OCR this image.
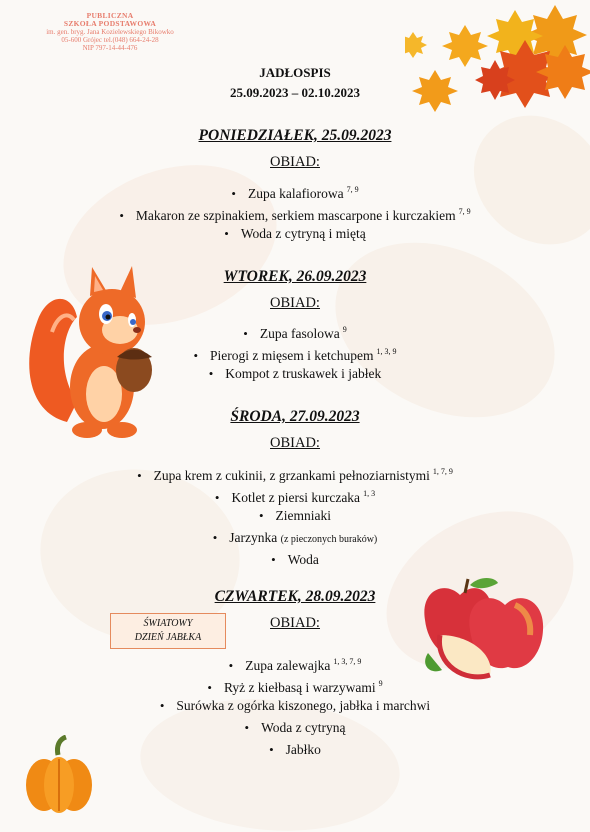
PUBLICZNA
SZKOŁA PODSTAWOWA
im. gen. bryg. Jana Kozielewskiego Bikowko
05-600 Grójec tel.(048) 664-24-28
NIP 797-14-44-476
JADŁOSPIS
25.09.2023 – 02.10.2023
PONIEDZIAŁEK, 25.09.2023
OBIAD:
• Zupa kalafiorowa $^{7, 9}$
• Makaron ze szpinakiem, serkiem mascarpone i kurczakiem $^{7, 9}$
• Woda z cytryną i miętą
WTOREK, 26.09.2023
OBIAD:
• Zupa fasolowa $^9$
• Pierogi z mięsem i ketchupem $^{1, 3, 9}$
• Kompot z truskawek i jabłek
ŚRODA, 27.09.2023
OBIAD:
• Zupa krem z cukinii, z grzankami pełnoziarnistymi $^{1, 7, 9}$
• Kotlet z piersi kurczaka $^{1, 3}$
• Ziemniaki
• Jarzynka (z pieczonych buraków)
• Woda
CZWARTEK, 28.09.2023
OBIAD:
ŚWIATOWY
DZIEŃ JABŁKA
• Zupa zalewajka $^{1, 3, 7, 9}$
• Ryż z kiełbasą i warzywami $^9$
• Surówka z ogórka kiszonego, jabłka i marchwi
• Woda z cytryną
• Jabłko
